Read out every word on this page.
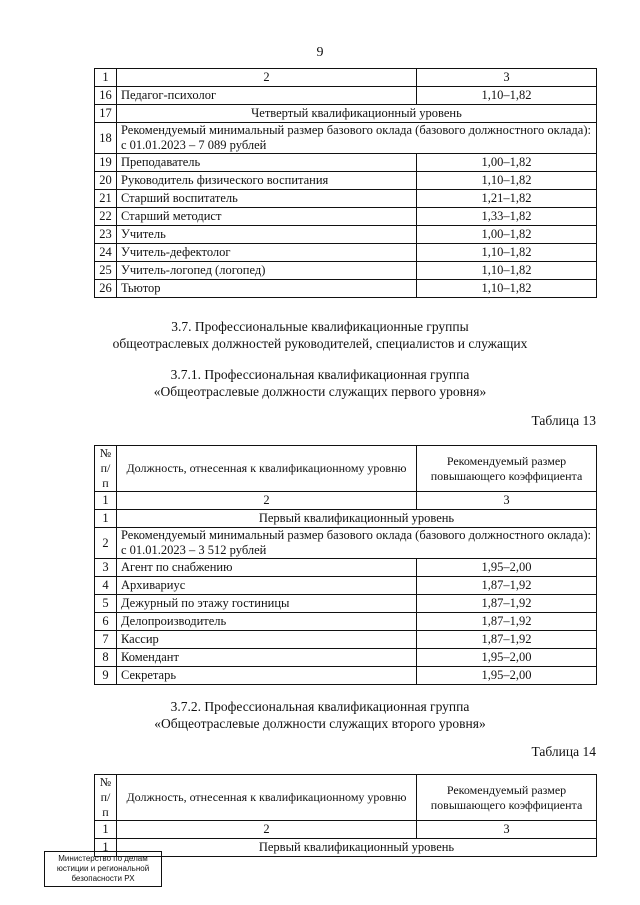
9
1	2	3
16	Педагог-психолог	1,10–1,82
17	Четвертый квалификационный уровень	
18	Рекомендуемый минимальный размер базового оклада (базового должностного оклада): с 01.01.2023 – 7 089 рублей	
19	Преподаватель	1,00–1,82
20	Руководитель физического воспитания	1,10–1,82
21	Старший воспитатель	1,21–1,82
22	Старший методист	1,33–1,82
23	Учитель	1,00–1,82
24	Учитель-дефектолог	1,10–1,82
25	Учитель-логопед (логопед)	1,10–1,82
26	Тьютор	1,10–1,82
3.7. Профессиональные квалификационные группы
общеотраслевых должностей руководителей, специалистов и служащих
3.7.1. Профессиональная квалификационная группа
«Общеотраслевые должности служащих первого уровня»
Таблица 13
№ п/п	Должность, отнесенная к квалификационному уровню	Рекомендуемый размер повышающего коэффициента
1	2	3
1	Первый квалификационный уровень	
2	Рекомендуемый минимальный размер базового оклада (базового должностного оклада): с 01.01.2023 – 3 512 рублей	
3	Агент по снабжению	1,95–2,00
4	Архивариус	1,87–1,92
5	Дежурный по этажу гостиницы	1,87–1,92
6	Делопроизводитель	1,87–1,92
7	Кассир	1,87–1,92
8	Комендант	1,95–2,00
9	Секретарь	1,95–2,00
3.7.2. Профессиональная квалификационная группа
«Общеотраслевые должности служащих второго уровня»
Таблица 14
№ п/п	Должность, отнесенная к квалификационному уровню	Рекомендуемый размер повышающего коэффициента
1	2	3
1	Первый квалификационный уровень	
Министерство по делам
юстиции и региональной
безопасности РХ
